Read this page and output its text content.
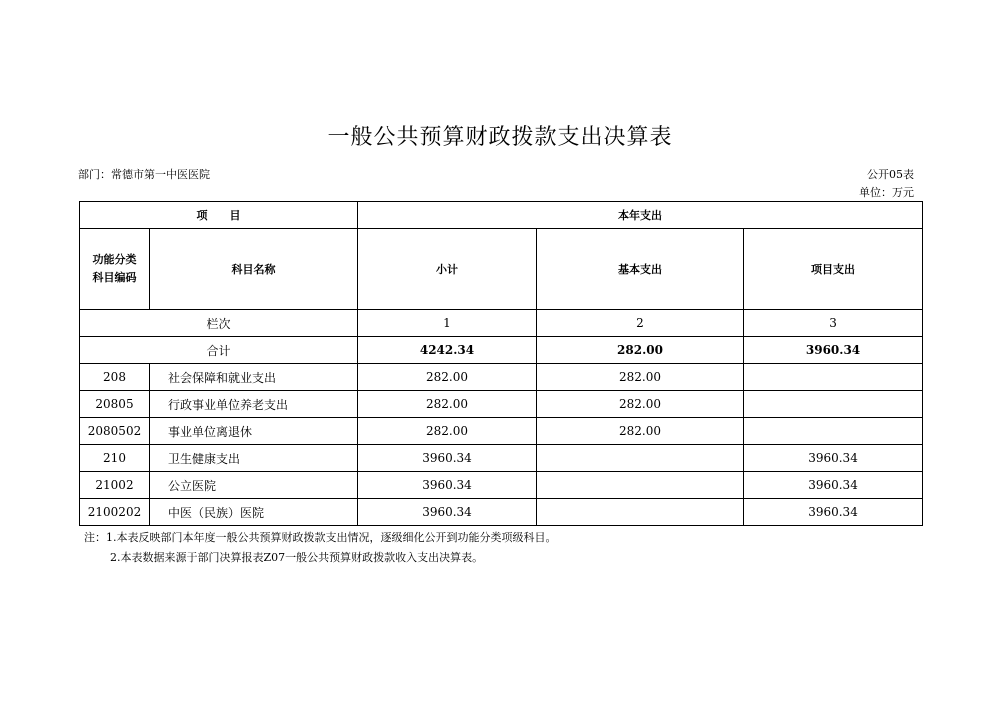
一般公共预算财政拨款支出决算表
部门：常德市第一中医医院	公开05表
单位：万元
项　　目		本年支出		
功能分类
科目编码	科目名称	小计	基本支出	项目支出
栏次		1	2	3
合计		4242.34	282.00	3960.34
208	社会保障和就业支出	282.00	282.00	
20805	行政事业单位养老支出	282.00	282.00	
2080502	事业单位离退休	282.00	282.00	
210	卫生健康支出	3960.34		3960.34
21002	公立医院	3960.34		3960.34
2100202	中医（民族）医院	3960.34		3960.34
注：1.本表反映部门本年度一般公共预算财政拨款支出情况，逐级细化公开到功能分类项级科目。
2.本表数据来源于部门决算报表Z07一般公共预算财政拨款收入支出决算表。
